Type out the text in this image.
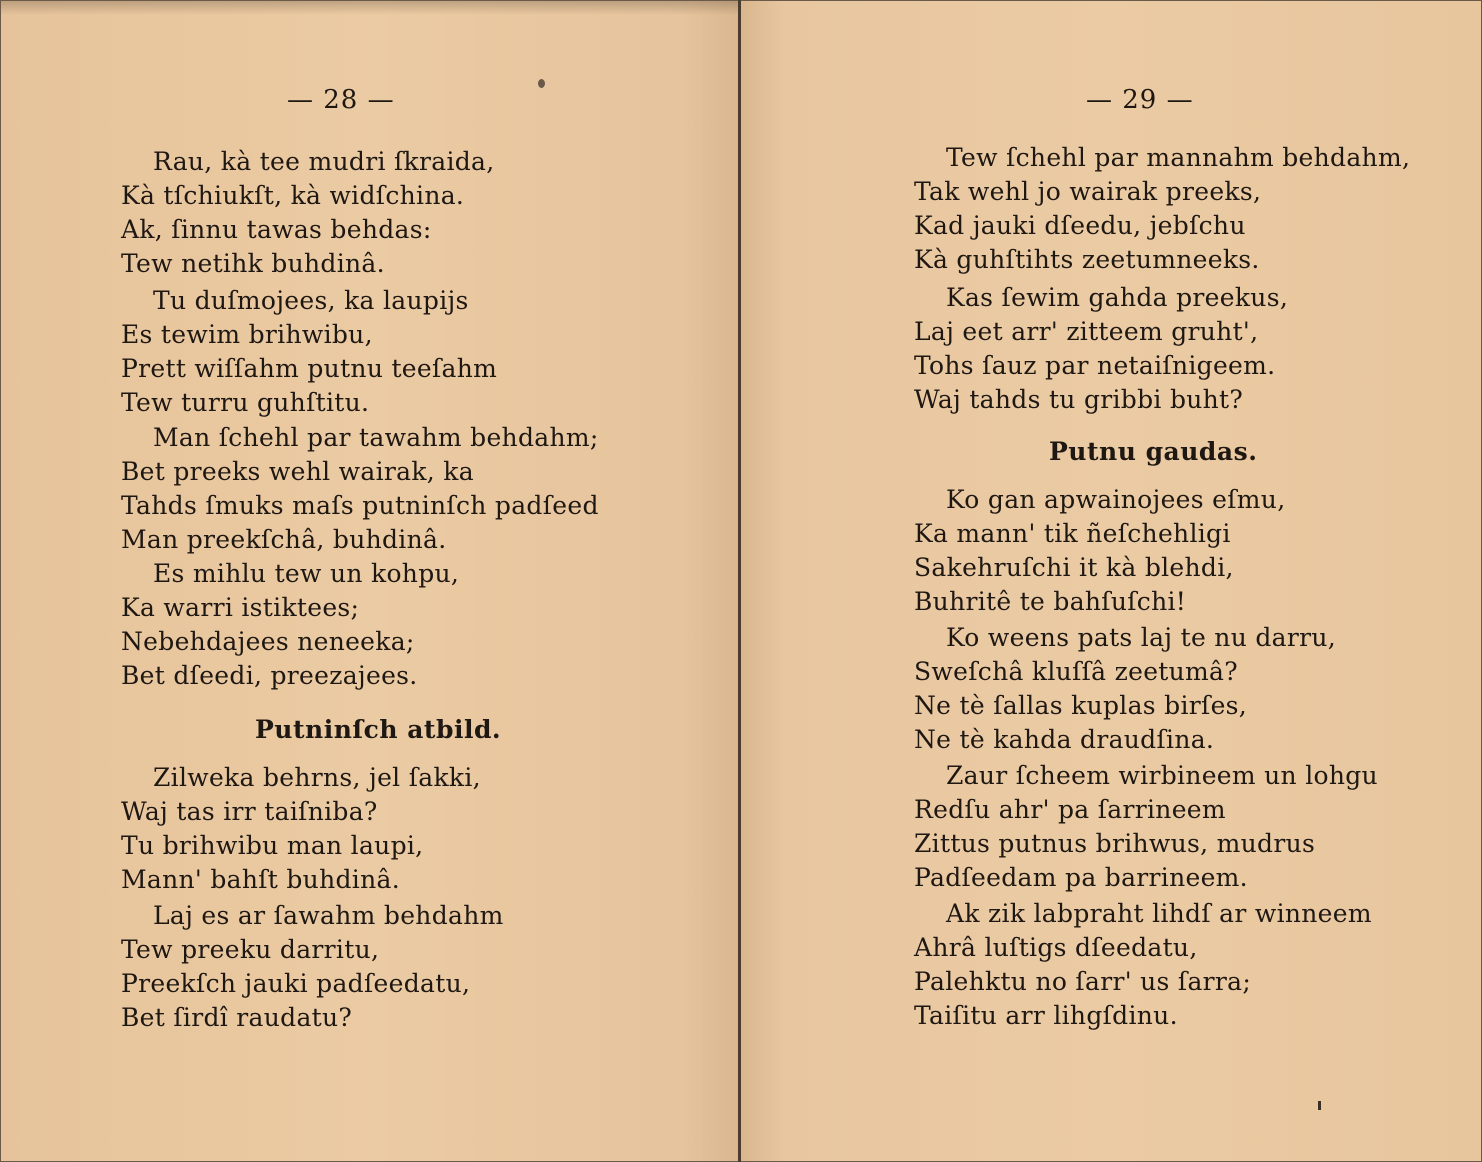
— 28 —
Rau, kà tee mudri ſkraida,
Kà tſchiukſt, kà widſchina.
Ak, ſinnu tawas behdas:
Tew netihk buhdinâ.
Tu duſmojees, ka laupijs
Es tewim brihwibu,
Prett wiſſahm putnu teeſahm
Tew turru guhſtitu.
Man ſchehl par tawahm behdahm;
Bet preeks wehl wairak, ka
Tahds ſmuks maſs putninſch padſeed
Man preekſchâ, buhdinâ.
Es mihlu tew un kohpu,
Ka warri istiktees;
Nebehdajees neneeka;
Bet dſeedi, preezajees.
Putninſch atbild.
Zilweka behrns, jel ſakki,
Waj tas irr taiſniba?
Tu brihwibu man laupi,
Mann' bahſt buhdinâ.
Laj es ar ſawahm behdahm
Tew preeku darritu,
Preekſch jauki padſeedatu,
Bet ſirdî raudatu?
— 29 —
Tew ſchehl par mannahm behdahm,
Tak wehl jo wairak preeks,
Kad jauki dſeedu, jebſchu
Kà guhſtihts zeetumneeks.
Kas ſewim gahda preekus,
Laj eet arr' zitteem gruht',
Tohs ſauz par netaiſnigeem.
Waj tahds tu gribbi buht?
Putnu gaudas.
Ko gan apwainojees eſmu,
Ka mann' tik ñeſchehligi
Sakehruſchi it kà blehdi,
Buhritê te bahſuſchi!
Ko weens pats laj te nu darru,
Sweſchâ kluſſâ zeetumâ?
Ne tè ſallas kuplas birſes,
Ne tè kahda draudſina.
Zaur ſcheem wirbineem un lohgu
Redſu ahr' pa ſarrineem
Zittus putnus brihwus, mudrus
Padſeedam pa barrineem.
Ak zik labpraht lihdſ ar winneem
Ahrâ luſtigs dſeedatu,
Palehktu no ſarr' us ſarra;
Taiſitu arr lihgſdinu.
